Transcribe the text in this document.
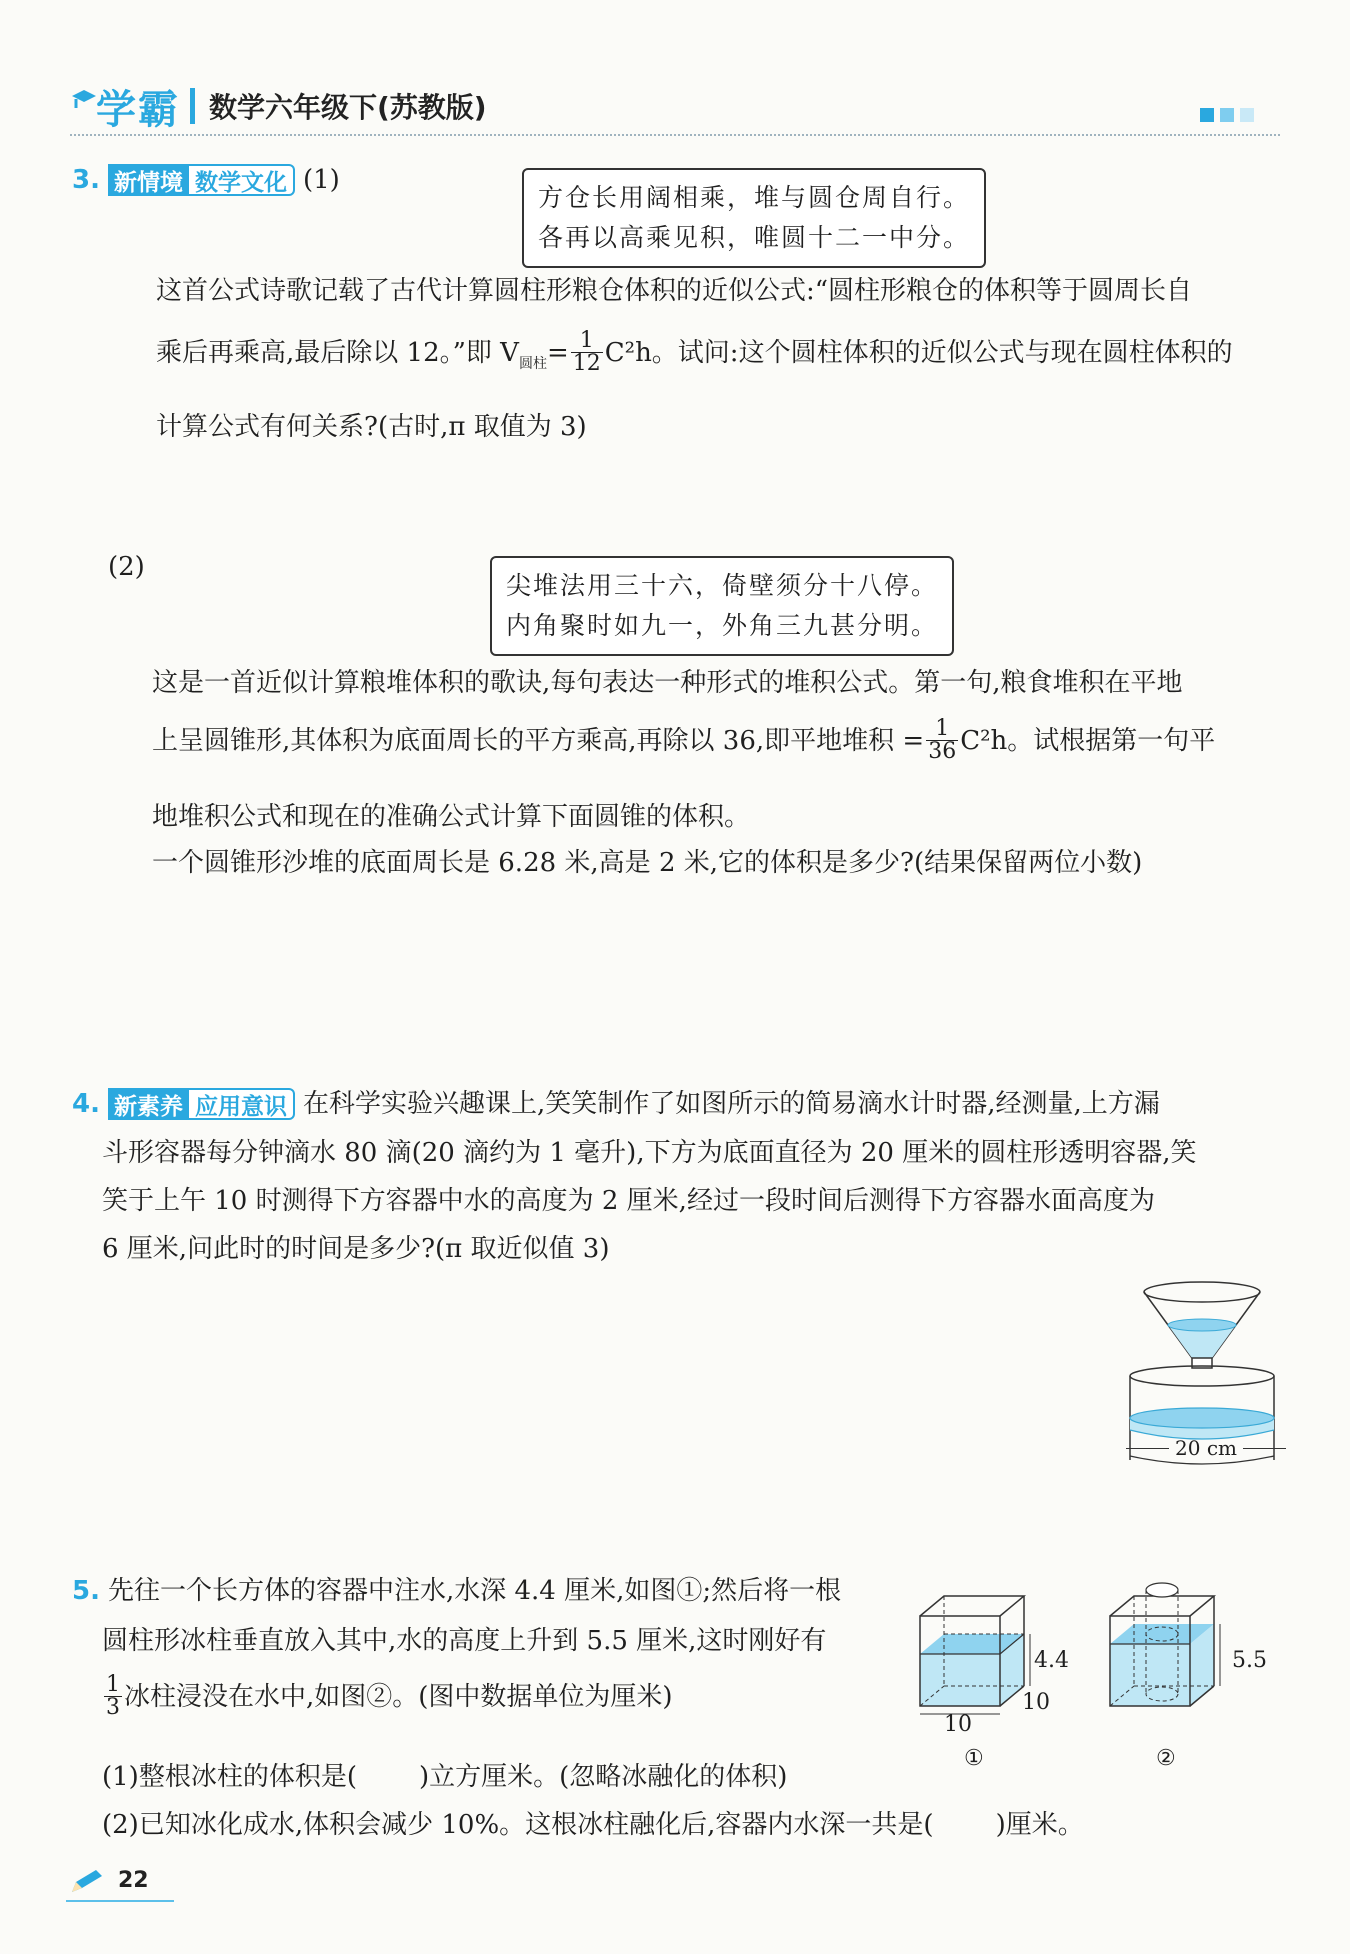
学霸 数学六年级下(苏教版)
3. 新情境 数学文化 (1)
方仓长用阔相乘，堆与圆仓周自行。
各再以高乘见积，唯圆十二一中分。
这首公式诗歌记载了古代计算圆柱形粮仓体积的近似公式:“圆柱形粮仓的体积等于圆周长自
乘后再乘高,最后除以 12。”即 V 圆柱 = $\frac{1}{12} C^2h$。试问:这个圆柱体积的近似公式与现在圆柱体积的
计算公式有何关系?(古时,π 取值为 3)
(2)
尖堆法用三十六，倚壁须分十八停。
内角聚时如九一，外角三九甚分明。
这是一首近似计算粮堆体积的歌诀,每句表达一种形式的堆积公式。第一句,粮食堆积在平地
上呈圆锥形,其体积为底面周长的平方乘高,再除以 36,即平地堆积 = $\frac{1}{36} C^2h$。试根据第一句平
地堆积公式和现在的准确公式计算下面圆锥的体积。
一个圆锥形沙堆的底面周长是 6.28 米,高是 2 米,它的体积是多少?(结果保留两位小数)
4. 新素养 应用意识 在科学实验兴趣课上,笑笑制作了如图所示的简易滴水计时器,经测量,上方漏
斗形容器每分钟滴水 80 滴(20 滴约为 1 毫升),下方为底面直径为 20 厘米的圆柱形透明容器,笑
笑于上午 10 时测得下方容器中水的高度为 2 厘米,经过一段时间后测得下方容器水面高度为
6 厘米,问此时的时间是多少?(π 取近似值 3)
20 cm
5. 先往一个长方体的容器中注水,水深 4.4 厘米,如图①;然后将一根
圆柱形冰柱垂直放入其中,水的高度上升到 5.5 厘米,这时刚好有
$\frac{1}{3}$ 冰柱浸没在水中,如图②。(图中数据单位为厘米)
(1)整根冰柱的体积是( )立方厘米。(忽略冰融化的体积)
(2)已知冰化成水,体积会减少 10%。这根冰柱融化后,容器内水深一共是( )厘米。
4.4
10
10
①
5.5
②
22
